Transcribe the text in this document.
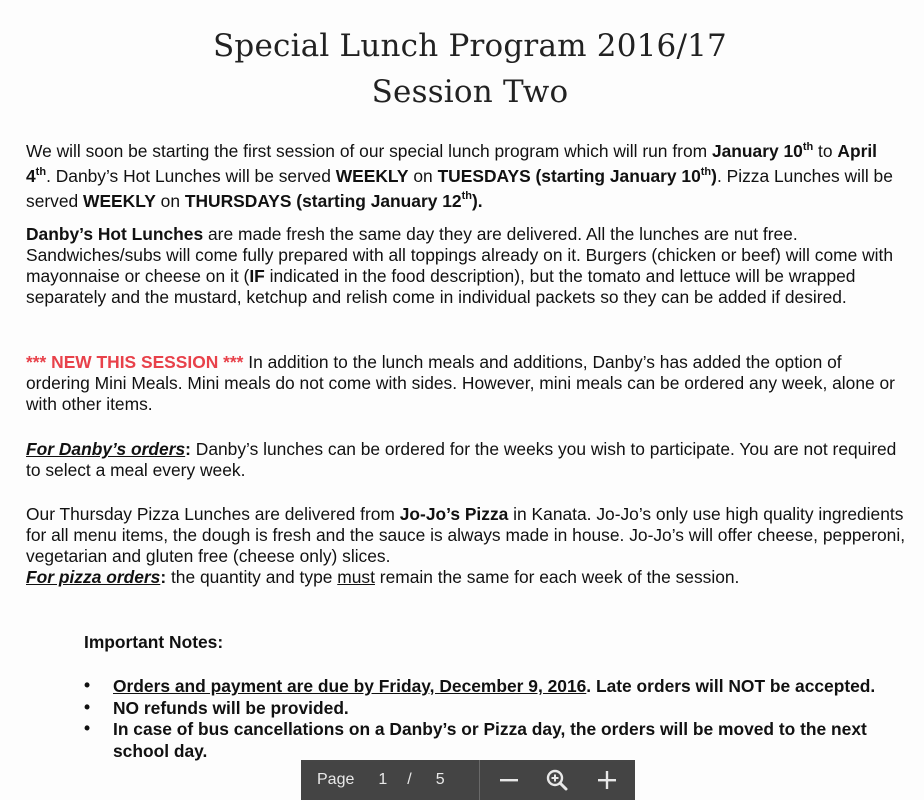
Special Lunch Program 2016/17
Session Two

We will soon be starting the first session of our special lunch program which will run from January 10th to April 4th. Danby’s Hot Lunches will be served WEEKLY on TUESDAYS (starting January 10th). Pizza Lunches will be served WEEKLY on THURSDAYS (starting January 12th).

Danby’s Hot Lunches are made fresh the same day they are delivered. All the lunches are nut free. Sandwiches/subs will come fully prepared with all toppings already on it. Burgers (chicken or beef) will come with mayonnaise or cheese on it (IF indicated in the food description), but the tomato and lettuce will be wrapped separately and the mustard, ketchup and relish come in individual packets so they can be added if desired.

*** NEW THIS SESSION *** In addition to the lunch meals and additions, Danby’s has added the option of ordering Mini Meals. Mini meals do not come with sides. However, mini meals can be ordered any week, alone or with other items.

For Danby’s orders: Danby’s lunches can be ordered for the weeks you wish to participate. You are not required to select a meal every week.

Our Thursday Pizza Lunches are delivered from Jo-Jo’s Pizza in Kanata. Jo-Jo’s only use high quality ingredients for all menu items, the dough is fresh and the sauce is always made in house. Jo-Jo’s will offer cheese, pepperoni, vegetarian and gluten free (cheese only) slices.
For pizza orders: the quantity and type must remain the same for each week of the session.

Important Notes:
• Orders and payment are due by Friday, December 9, 2016. Late orders will NOT be accepted.
• NO refunds will be provided.
• In case of bus cancellations on a Danby’s or Pizza day, the orders will be moved to the next school day.
Page 1 / 5
